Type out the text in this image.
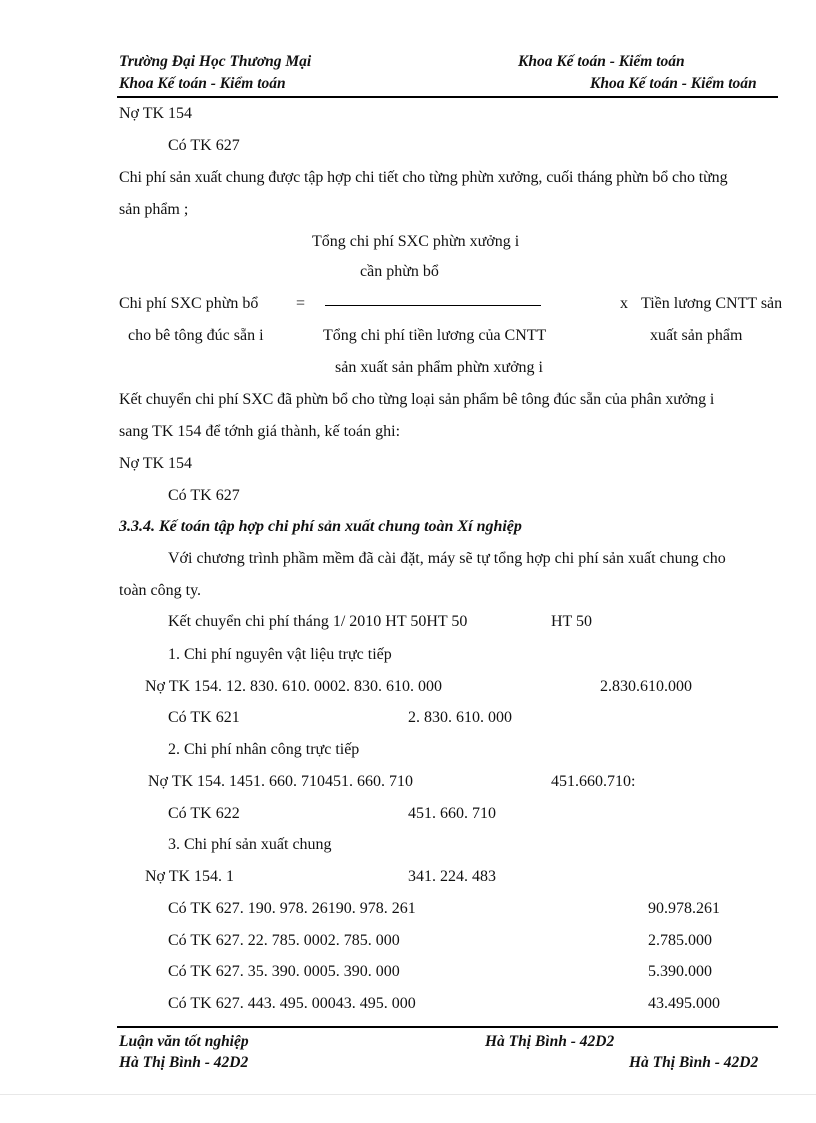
Trường Đại Học Thương Mại	Khoa Kế toán - Kiểm toán
Khoa Kế toán - Kiểm toán	Khoa Kế toán - Kiểm toán
Nợ TK 154
Có TK 627
Chi phí sản xuất chung được tập hợp chi tiết cho từng phừn xưởng, cuối tháng phừn bổ cho từng
sản phẩm ;
Tổng chi phí SXC phừn xưởng i
cần phừn bổ
Chi phí SXC phừn bổ =	x Tiền lương CNTT sản
cho bê tông đúc sẵn i	Tổng chi phí tiền lương của CNTT	xuất sản phẩm
sản xuất sản phẩm phừn xưởng i
Kết chuyển chi phí SXC đã phừn bổ cho từng loại sản phẩm bê tông đúc sẵn của phân xưởng i
sang TK 154 để tớnh giá thành, kế toán ghi:
Nợ TK 154
Có TK 627
3.3.4. Kế toán tập hợp chi phí sản xuất chung toàn Xí nghiệp
Với chương trình phầm mềm đã cài đặt, máy sẽ tự tổng hợp chi phí sản xuất chung cho
toàn công ty.
Kết chuyển chi phí tháng 1/ 2010 HT 50HT 50	HT 50
1. Chi phí nguyên vật liệu trực tiếp
Nợ TK 154. 12. 830. 610. 0002. 830. 610. 000	2.830.610.000
Có TK 621	2. 830. 610. 000
2. Chi phí nhân công trực tiếp
Nợ TK 154. 1451. 660. 710451. 660. 710	451.660.710:
Có TK 622	451. 660. 710
3. Chi phí sản xuất chung
Nợ TK 154. 1	341. 224. 483
Có TK 627. 190. 978. 26190. 978. 261	90.978.261
Có TK 627. 22. 785. 0002. 785. 000	2.785.000
Có TK 627. 35. 390. 0005. 390. 000	5.390.000
Có TK 627. 443. 495. 00043. 495. 000	43.495.000
Luận văn tốt nghiệp	Hà Thị Bình - 42D2
Hà Thị Bình - 42D2	Hà Thị Bình - 42D2
